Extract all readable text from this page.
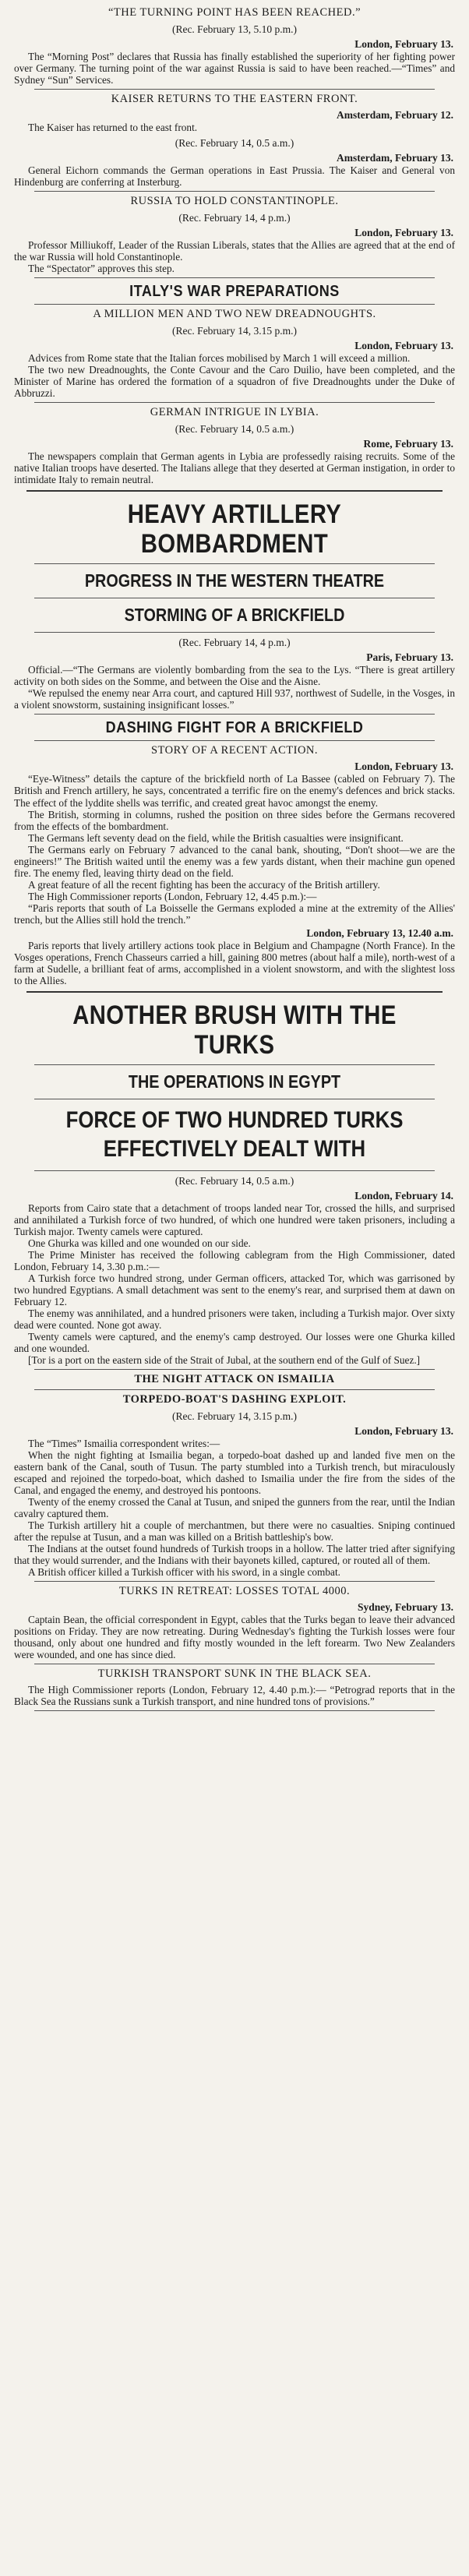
“THE TURNING POINT HAS BEEN REACHED.”
(Rec. February 13, 5.10 p.m.)
London, February 13.

The “Morning Post” declares that Russia has finally established the superiority of her fighting power over Germany. The turning point of the war against Russia is said to have been reached.—“Times” and Sydney “Sun” Services.

KAISER RETURNS TO THE EASTERN FRONT.
Amsterdam, February 12.

The Kaiser has returned to the east front.

(Rec. February 14, 0.5 a.m.)
Amsterdam, February 13.

General Eichorn commands the German operations in East Prussia. The Kaiser and General von Hindenburg are conferring at Insterburg.

RUSSIA TO HOLD CONSTANTINOPLE.
(Rec. February 14, 4 p.m.)
London, February 13.

Professor Milliukoff, Leader of the Russian Liberals, states that the Allies are agreed that at the end of the war Russia will hold Constantinople.

The “Spectator” approves this step.

ITALY'S WAR PREPARATIONS
A MILLION MEN AND TWO NEW DREADNOUGHTS.
(Rec. February 14, 3.15 p.m.)
London, February 13.

Advices from Rome state that the Italian forces mobilised by March 1 will exceed a million.

The two new Dreadnoughts, the Conte Cavour and the Caro Duilio, have been completed, and the Minister of Marine has ordered the formation of a squadron of five Dreadnoughts under the Duke of Abbruzzi.

GERMAN INTRIGUE IN LYBIA.
(Rec. February 14, 0.5 a.m.)
Rome, February 13.

The newspapers complain that German agents in Lybia are professedly raising recruits. Some of the native Italian troops have deserted. The Italians allege that they deserted at German instigation, in order to intimidate Italy to remain neutral.

HEAVY ARTILLERY BOMBARDMENT
PROGRESS IN THE WESTERN THEATRE
STORMING OF A BRICKFIELD
(Rec. February 14, 4 p.m.)
Paris, February 13.

Official.—“The Germans are violently bombarding from the sea to the Lys. “There is great artillery activity on both sides on the Somme, and between the Oise and the Aisne.

“We repulsed the enemy near Arra court, and captured Hill 937, northwest of Sudelle, in the Vosges, in a violent snowstorm, sustaining insignificant losses.”

DASHING FIGHT FOR A BRICKFIELD
STORY OF A RECENT ACTION.
London, February 13.

“Eye-Witness” details the capture of the brickfield north of La Bassee (cabled on February 7). The British and French artillery, he says, concentrated a terrific fire on the enemy's defences and brick stacks. The effect of the lyddite shells was terrific, and created great havoc amongst the enemy.

The British, storming in columns, rushed the position on three sides before the Germans recovered from the effects of the bombardment.

The Germans left seventy dead on the field, while the British casualties were insignificant.

The Germans early on February 7 advanced to the canal bank, shouting, “Don't shoot—we are the engineers!” The British waited until the enemy was a few yards distant, when their machine gun opened fire. The enemy fled, leaving thirty dead on the field.

A great feature of all the recent fighting has been the accuracy of the British artillery.

The High Commissioner reports (London, February 12, 4.45 p.m.):—

“Paris reports that south of La Boisselle the Germans exploded a mine at the extremity of the Allies' trench, but the Allies still hold the trench.”

London, February 13, 12.40 a.m.

Paris reports that lively artillery actions took place in Belgium and Champagne (North France). In the Vosges operations, French Chasseurs carried a hill, gaining 800 metres (about half a mile), north-west of a farm at Sudelle, a brilliant feat of arms, accomplished in a violent snowstorm, and with the slightest loss to the Allies.

ANOTHER BRUSH WITH THE TURKS
THE OPERATIONS IN EGYPT
FORCE OF TWO HUNDRED TURKS EFFECTIVELY DEALT WITH
(Rec. February 14, 0.5 a.m.)
London, February 14.

Reports from Cairo state that a detachment of troops landed near Tor, crossed the hills, and surprised and annihilated a Turkish force of two hundred, of which one hundred were taken prisoners, including a Turkish major. Twenty camels were captured.

One Ghurka was killed and one wounded on our side.

The Prime Minister has received the following cablegram from the High Commissioner, dated London, February 14, 3.30 p.m.:—

A Turkish force two hundred strong, under German officers, attacked Tor, which was garrisoned by two hundred Egyptians. A small detachment was sent to the enemy's rear, and surprised them at dawn on February 12.

The enemy was annihilated, and a hundred prisoners were taken, including a Turkish major. Over sixty dead were counted. None got away.

Twenty camels were captured, and the enemy's camp destroyed. Our losses were one Ghurka killed and one wounded.

[Tor is a port on the eastern side of the Strait of Jubal, at the southern end of the Gulf of Suez.]

THE NIGHT ATTACK ON ISMAILIA
TORPEDO-BOAT'S DASHING EXPLOIT.
(Rec. February 14, 3.15 p.m.)
London, February 13.

The “Times” Ismailia correspondent writes:—

When the night fighting at Ismailia began, a torpedo-boat dashed up and landed five men on the eastern bank of the Canal, south of Tusun. The party stumbled into a Turkish trench, but miraculously escaped and rejoined the torpedo-boat, which dashed to Ismailia under the fire from the sides of the Canal, and engaged the enemy, and destroyed his pontoons.

Twenty of the enemy crossed the Canal at Tusun, and sniped the gunners from the rear, until the Indian cavalry captured them.

The Turkish artillery hit a couple of merchantmen, but there were no casualties. Sniping continued after the repulse at Tusun, and a man was killed on a British battleship's bow.

The Indians at the outset found hundreds of Turkish troops in a hollow. The latter tried after signifying that they would surrender, and the Indians with their bayonets killed, captured, or routed all of them.

A British officer killed a Turkish officer with his sword, in a single combat.

TURKS IN RETREAT: LOSSES TOTAL 4000.
Sydney, February 13.

Captain Bean, the official correspondent in Egypt, cables that the Turks began to leave their advanced positions on Friday. They are now retreating. During Wednesday's fighting the Turkish losses were four thousand, only about one hundred and fifty mostly wounded in the left forearm. Two New Zealanders were wounded, and one has since died.

TURKISH TRANSPORT SUNK IN THE BLACK SEA.

The High Commissioner reports (London, February 12, 4.40 p.m.):— “Petrograd reports that in the Black Sea the Russians sunk a Turkish transport, and nine hundred tons of provisions.”
